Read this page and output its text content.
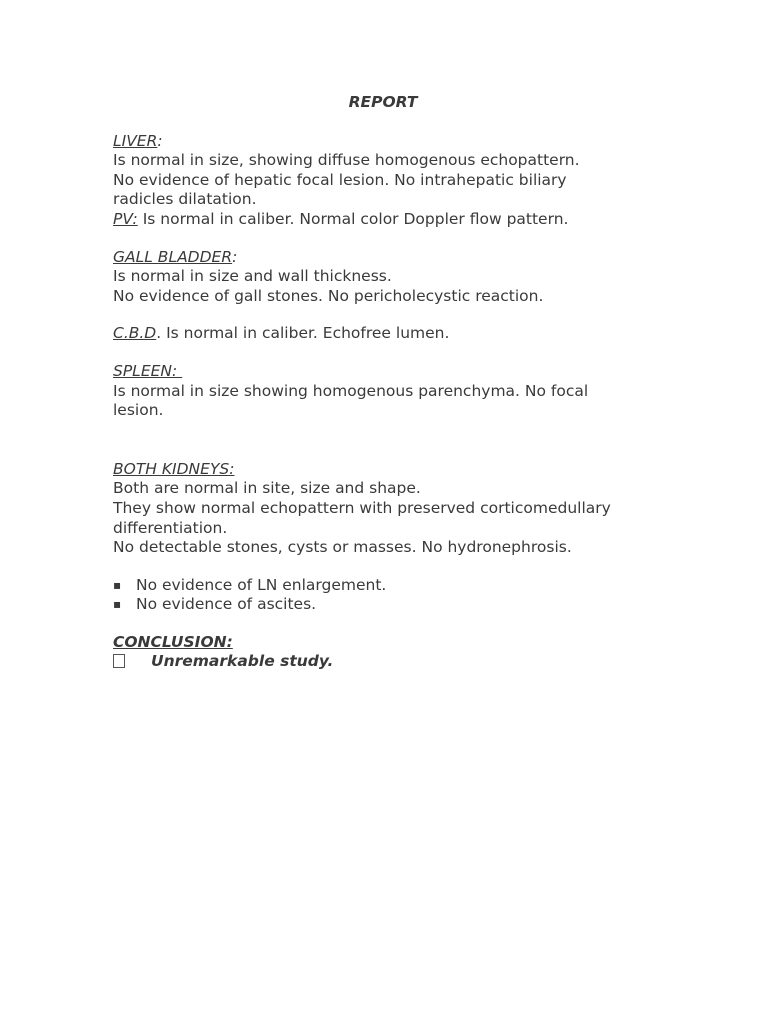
REPORT
LIVER:
Is normal in size, showing diffuse homogenous echopattern.
No evidence of hepatic focal lesion. No intrahepatic biliary
radicles dilatation.
PV: Is normal in caliber. Normal color Doppler flow pattern.
GALL BLADDER:
Is normal in size and wall thickness.
No evidence of gall stones. No pericholecystic reaction.
C.B.D. Is normal in caliber. Echofree lumen.
SPLEEN:
Is normal in size showing homogenous parenchyma. No focal
lesion.
BOTH KIDNEYS:
Both are normal in site, size and shape.
They show normal echopattern with preserved corticomedullary
differentiation.
No detectable stones, cysts or masses. No hydronephrosis.
▪ No evidence of LN enlargement.
▪ No evidence of ascites.
CONCLUSION:
Unremarkable study.
